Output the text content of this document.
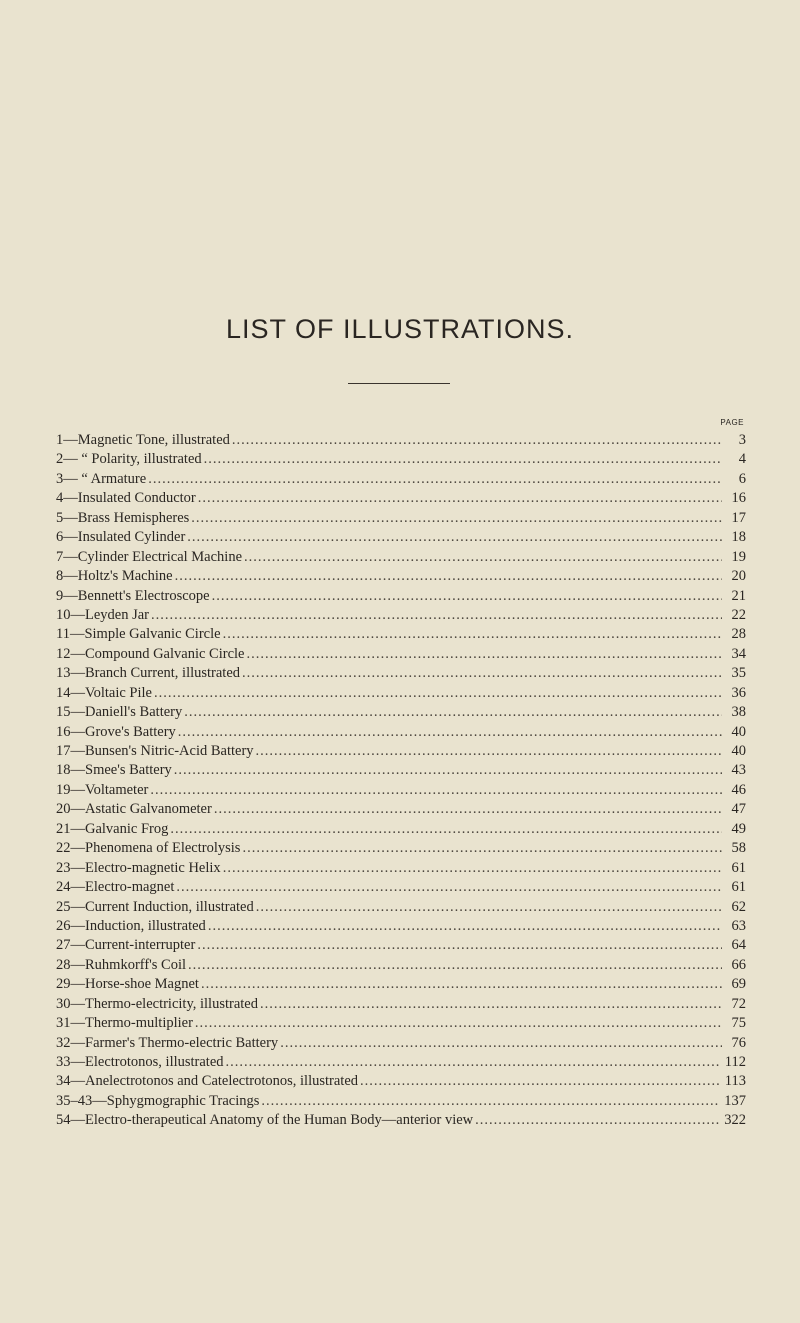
LIST OF ILLUSTRATIONS.
PAGE
1—Magnetic Tone, illustrated .....	3
2— “ Polarity, illustrated .....	4
3— “ Armature .....	6
4—Insulated Conductor .....	16
5—Brass Hemispheres .....	17
6—Insulated Cylinder .....	18
7—Cylinder Electrical Machine .....	19
8—Holtz's Machine .....	20
9—Bennett's Electroscope .....	21
10—Leyden Jar .....	22
11—Simple Galvanic Circle .....	28
12—Compound Galvanic Circle .....	34
13—Branch Current, illustrated .....	35
14—Voltaic Pile .....	36
15—Daniell's Battery .....	38
16—Grove's Battery .....	40
17—Bunsen's Nitric-Acid Battery .....	40
18—Smee's Battery .....	43
19—Voltameter .....	46
20—Astatic Galvanometer .....	47
21—Galvanic Frog .....	49
22—Phenomena of Electrolysis .....	58
23—Electro-magnetic Helix .....	61
24—Electro-magnet .....	61
25—Current Induction, illustrated .....	62
26—Induction, illustrated .....	63
27—Current-interrupter .....	64
28—Ruhmkorff's Coil .....	66
29—Horse-shoe Magnet .....	69
30—Thermo-electricity, illustrated .....	72
31—Thermo-multiplier .....	75
32—Farmer's Thermo-electric Battery .....	76
33—Electrotonos, illustrated .....	112
34—Anelectrotonos and Catelectrotonos, illustrated .....	113
35–43—Sphygmographic Tracings .....	137
54—Electro-therapeutical Anatomy of the Human Body—anterior view .....	322
